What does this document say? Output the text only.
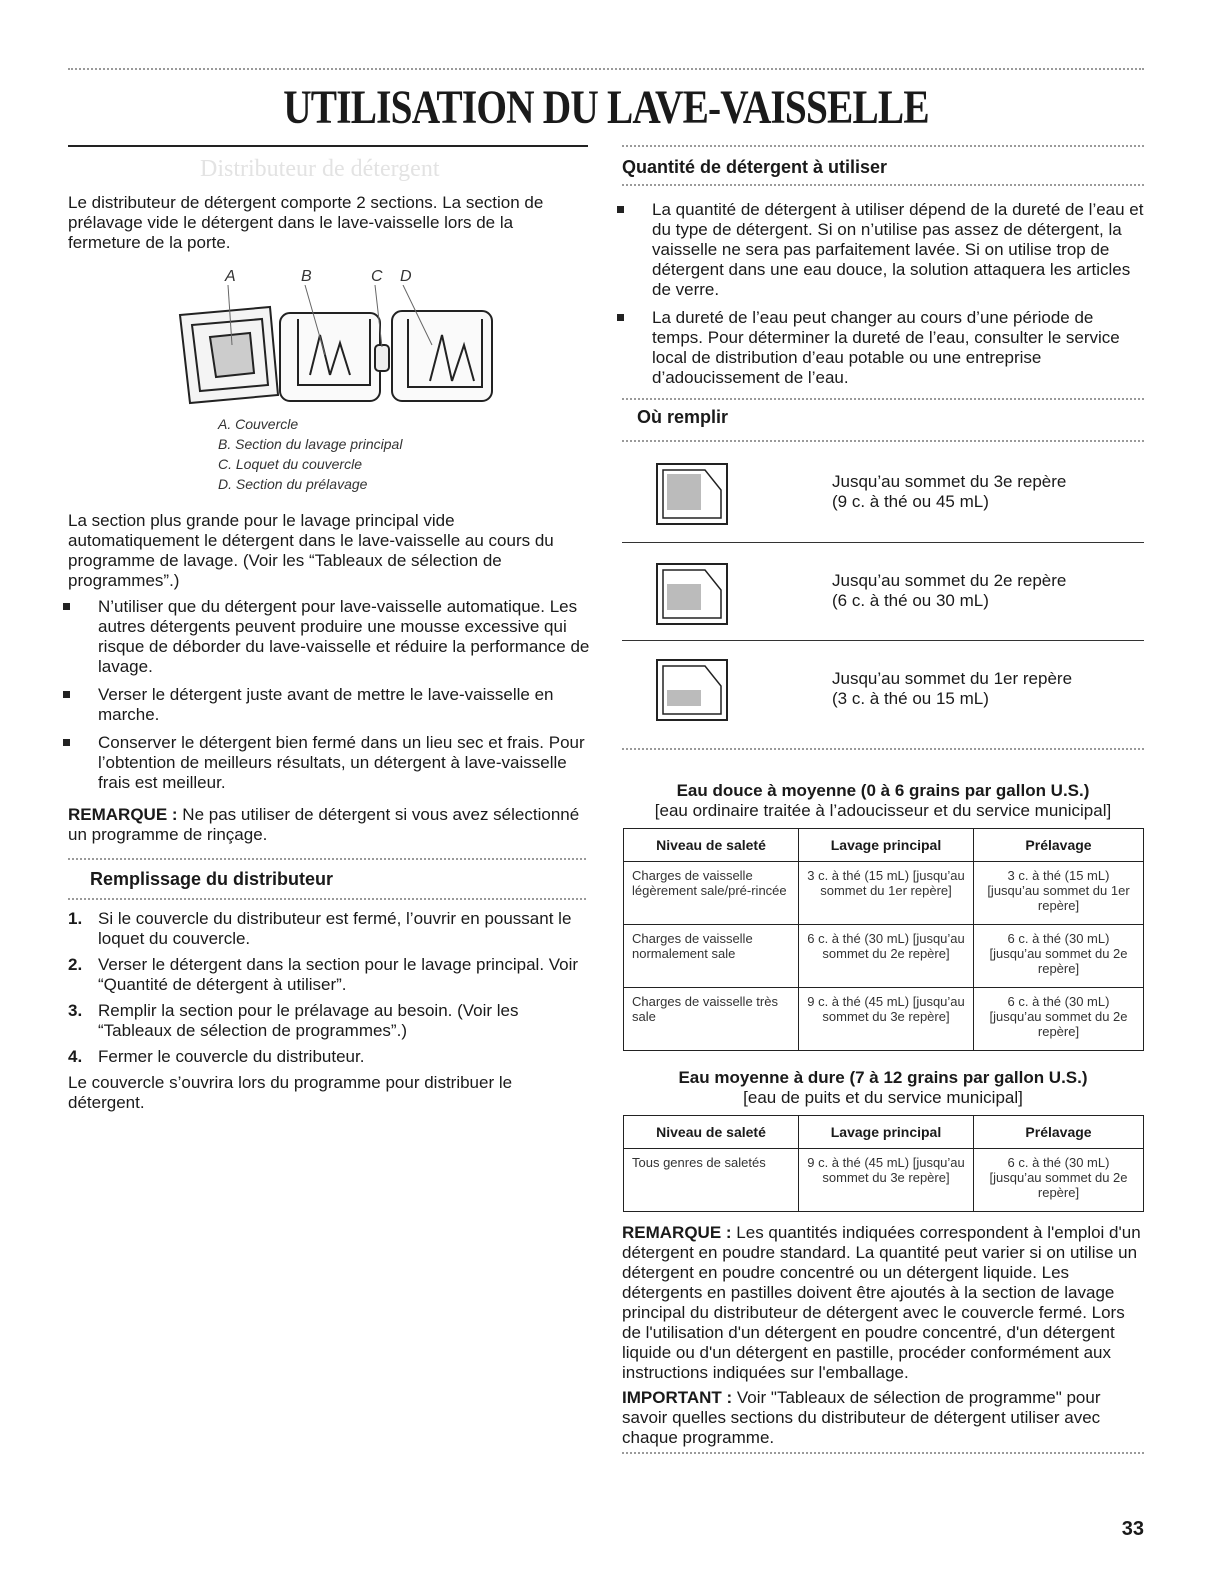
UTILISATION DU LAVE-VAISSELLE
Distributeur de détergent
Le distributeur de détergent comporte 2 sections. La section de prélavage vide le détergent dans le lave-vaisselle lors de la fermeture de la porte.
A	B	C D
A. Couvercle
B. Section du lavage principal
C. Loquet du couvercle
D. Section du prélavage
La section plus grande pour le lavage principal vide automatiquement le détergent dans le lave-vaisselle au cours du programme de lavage. (Voir les “Tableaux de sélection de programmes”.)
N’utiliser que du détergent pour lave-vaisselle automatique. Les autres détergents peuvent produire une mousse excessive qui risque de déborder du lave-vaisselle et réduire la performance de lavage.
Verser le détergent juste avant de mettre le lave-vaisselle en marche.
Conserver le détergent bien fermé dans un lieu sec et frais. Pour l’obtention de meilleurs résultats, un détergent à lave-vaisselle frais est meilleur.
REMARQUE : Ne pas utiliser de détergent si vous avez sélectionné un programme de rinçage.
Remplissage du distributeur
1. Si le couvercle du distributeur est fermé, l’ouvrir en poussant le loquet du couvercle.
2. Verser le détergent dans la section pour le lavage principal. Voir “Quantité de détergent à utiliser”.
3. Remplir la section pour le prélavage au besoin. (Voir les “Tableaux de sélection de programmes”.)
4. Fermer le couvercle du distributeur.
Le couvercle s’ouvrira lors du programme pour distribuer le détergent.
Quantité de détergent à utiliser
La quantité de détergent à utiliser dépend de la dureté de l’eau et du type de détergent. Si on n’utilise pas assez de détergent, la vaisselle ne sera pas parfaitement lavée. Si on utilise trop de détergent dans une eau douce, la solution attaquera les articles de verre.
La dureté de l’eau peut changer au cours d’une période de temps. Pour déterminer la dureté de l’eau, consulter le service local de distribution d’eau potable ou une entreprise d’adoucissement de l’eau.
Où remplir
Jusqu’au sommet du 3e repère
(9 c. à thé ou 45 mL)
Jusqu’au sommet du 2e repère
(6 c. à thé ou 30 mL)
Jusqu’au sommet du 1er repère
(3 c. à thé ou 15 mL)
Eau douce à moyenne (0 à 6 grains par gallon U.S.)
[eau ordinaire traitée à l’adoucisseur et du service municipal]
Niveau de saleté	Lavage principal	Prélavage
Charges de vaisselle légèrement sale/pré-rincée	3 c. à thé (15 mL) [jusqu’au sommet du 1er repère]	3 c. à thé (15 mL) [jusqu’au sommet du 1er repère]
Charges de vaisselle normalement sale	6 c. à thé (30 mL) [jusqu’au sommet du 2e repère]	6 c. à thé (30 mL) [jusqu’au sommet du 2e repère]
Charges de vaisselle très sale	9 c. à thé (45 mL) [jusqu’au sommet du 3e repère]	6 c. à thé (30 mL) [jusqu’au sommet du 2e repère]
Eau moyenne à dure (7 à 12 grains par gallon U.S.)
[eau de puits et du service municipal]
Niveau de saleté	Lavage principal	Prélavage
Tous genres de saletés	9 c. à thé (45 mL) [jusqu’au sommet du 3e repère]	6 c. à thé (30 mL) [jusqu’au sommet du 2e repère]
REMARQUE : Les quantités indiquées correspondent à l'emploi d'un détergent en poudre standard. La quantité peut varier si on utilise un détergent en poudre concentré ou un détergent liquide. Les détergents en pastilles doivent être ajoutés à la section de lavage principal du distributeur de détergent avec le couvercle fermé. Lors de l'utilisation d'un détergent en poudre concentré, d'un détergent liquide ou d'un détergent en pastille, procéder conformément aux instructions indiquées sur l'emballage.
IMPORTANT : Voir "Tableaux de sélection de programme" pour savoir quelles sections du distributeur de détergent utiliser avec chaque programme.
33
